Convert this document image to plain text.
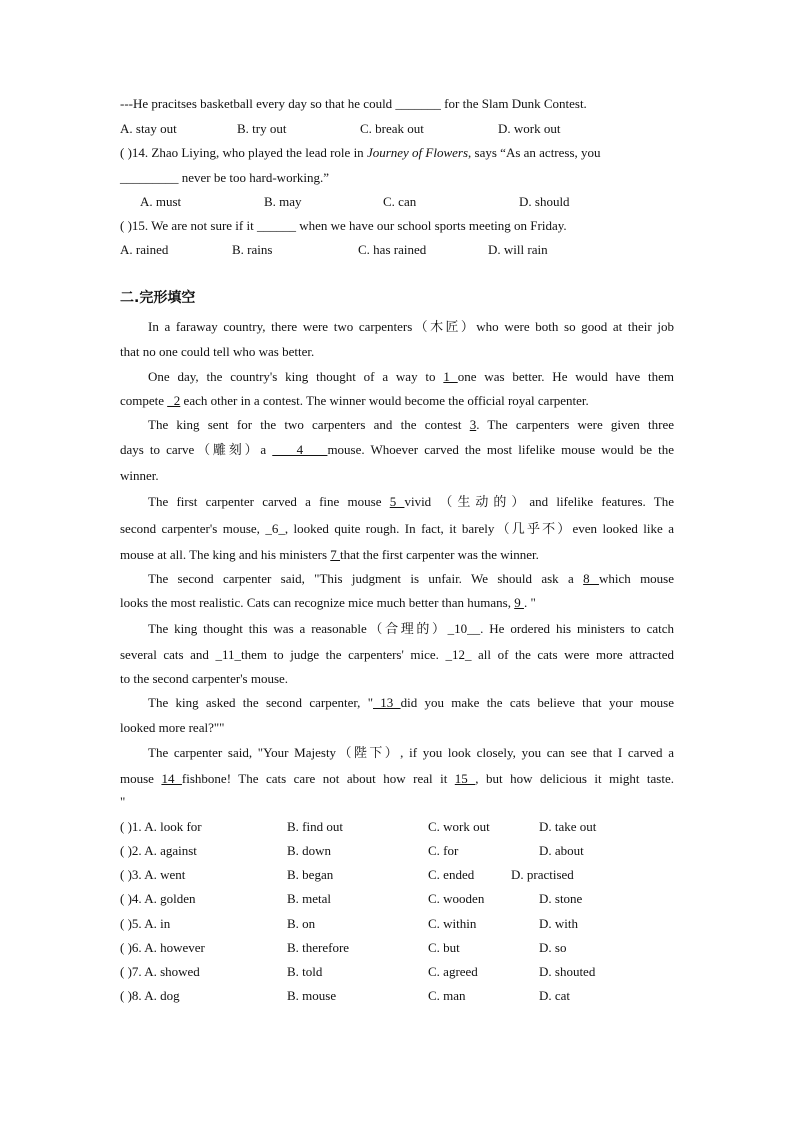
---He pracitses basketball every day so that he could _______ for the Slam Dunk Contest.
A. stay out	B. try out	C. break out	D. work out
( )14. Zhao Liying, who played the lead role in Journey of Flowers, says “As an actress, you
_________ never be too hard-working.”
A. must	B. may	C. can	D. should
( )15. We are not sure if it ______ when we have our school sports meeting on Friday.
A. rained	B. rains	C. has rained	D. will rain
二.完形填空
In a faraway country, there were two carpenters（木匠）who were both so good at their job
that no one could tell who was better.
One day, the country's king thought of a way to 1 one was better. He would have them
compete _2 each other in a contest. The winner would become the official royal carpenter.
The king sent for the two carpenters and the contest 3. The carpenters were given three
days to carve（雕刻）a     4    mouse. Whoever carved the most lifelike mouse would be the
winner.
The first carpenter carved a fine mouse 5 vivid （生动的）and lifelike features. The
second carpenter's mouse, _6_, looked quite rough. In fact, it barely（几乎不）even looked like a
mouse at all. The king and his ministers 7 that the first carpenter was the winner.
The second carpenter said, "This judgment is unfair. We should ask a 8 which mouse
looks the most realistic. Cats can recognize mice much better than humans, 9 . "
The king thought this was a reasonable（合理的）_10__. He ordered his ministers to catch
several cats and _11_them to judge the carpenters' mice. _12_ all of the cats were more attracted
to the second carpenter's mouse.
The king asked the second carpenter, " 13 did you make the cats believe that your mouse
looked more real?""
The carpenter said, "Your Majesty（陛下）, if you look closely, you can see that I carved a
mouse 14 fishbone! The cats care not about how real it 15 , but how delicious it might taste.
"
( )1. A. look for	B. find out	C. work out	D. take out
( )2. A. against	B. down	C. for	D. about
( )3. A. went	B. began	C. ended	D. practised
( )4. A. golden	B. metal	C. wooden	D. stone
( )5. A. in	B. on	C. within	D. with
( )6. A. however	B. therefore	C. but	D. so
( )7. A. showed	B. told	C. agreed	D. shouted
( )8. A. dog	B. mouse	C. man	D. cat
